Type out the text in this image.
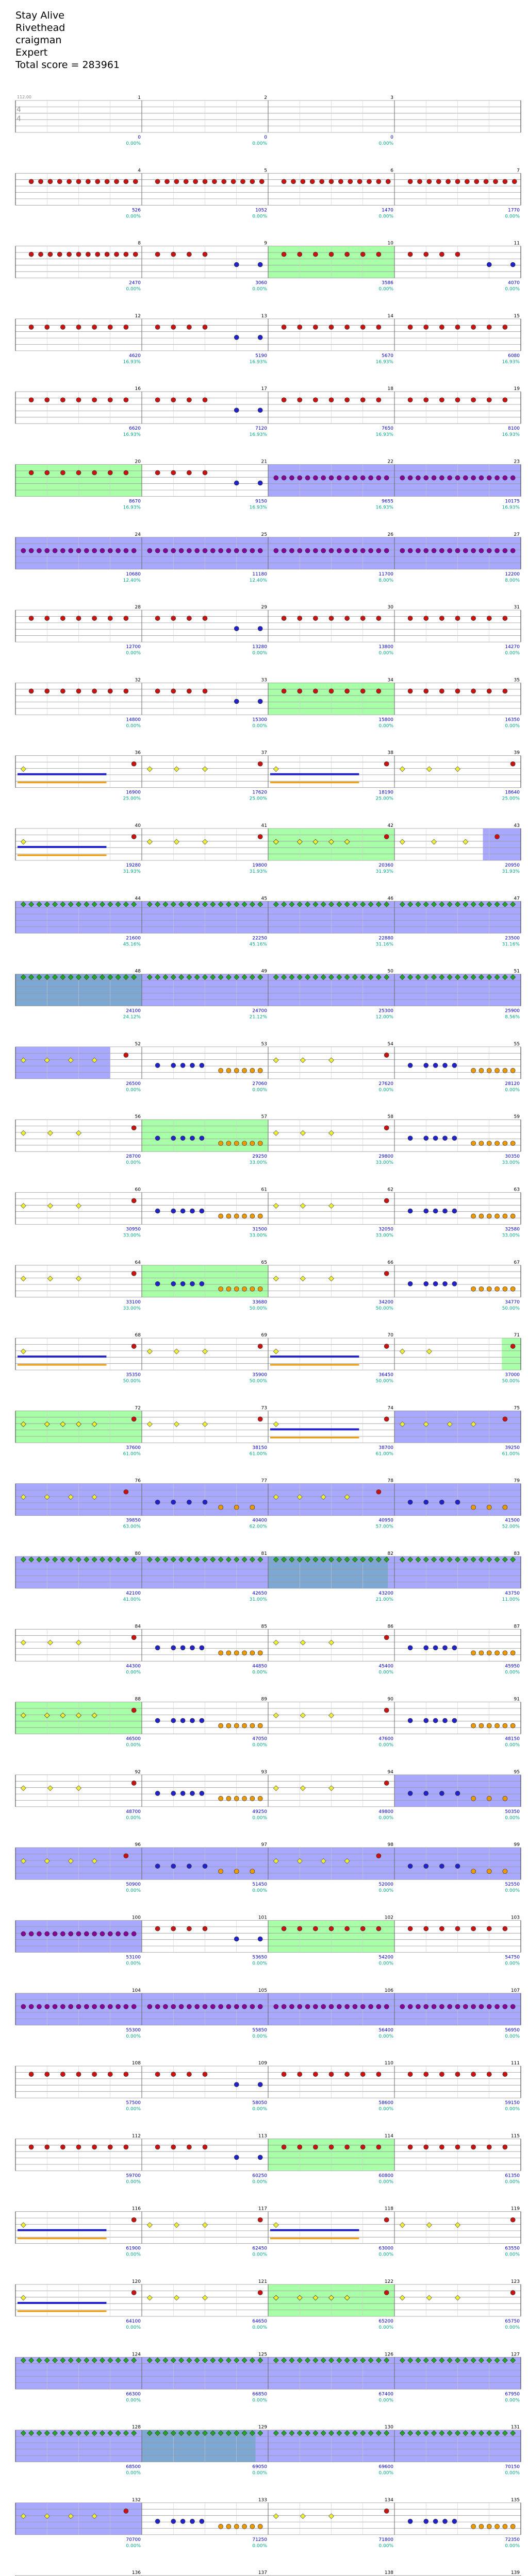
Stay Alive
Rivethead
craigman
Expert
Total score = 283961
112.00
4
4
1
0
0.00%
2
0
0.00%
3
0
0.00%
4
526
0.00%
5
1052
0.00%
6
1470
0.00%
7
1770
0.00%
8
2470
0.00%
9
3060
0.00%
10
3586
0.00%
11
4070
0.00%
12
4620
16.93%
13
5190
16.93%
14
5670
16.93%
15
6080
16.93%
16
6620
16.93%
17
7120
16.93%
18
7650
16.93%
19
8100
16.93%
20
8670
16.93%
21
9150
16.93%
22
9655
16.93%
23
10175
16.93%
24
10680
12.40%
25
11180
12.40%
26
11700
8.00%
27
12200
8.00%
28
12700
0.00%
29
13280
0.00%
30
13800
0.00%
31
14270
0.00%
32
14800
0.00%
33
15300
0.00%
34
15800
0.00%
35
16350
0.00%
36
16900
25.00%
37
17620
25.00%
38
18190
25.00%
39
18640
25.00%
40
19280
31.93%
41
19800
31.93%
42
20360
31.93%
43
20950
31.93%
44
21600
45.16%
45
22250
45.16%
46
22880
31.16%
47
23500
31.16%
48
24100
24.12%
49
24700
21.12%
50
25300
12.00%
51
25900
8.56%
52
26500
0.00%
53
27060
0.00%
54
27620
0.00%
55
28120
0.00%
56
28700
0.00%
57
29250
33.00%
58
29800
33.00%
59
30350
33.00%
60
30950
33.00%
61
31500
33.00%
62
32050
33.00%
63
32580
33.00%
64
33100
33.00%
65
33680
50.00%
66
34200
50.00%
67
34770
50.00%
68
35350
50.00%
69
35900
50.00%
70
36450
50.00%
71
37000
50.00%
72
37600
61.00%
73
38150
61.00%
74
38700
61.00%
75
39250
61.00%
76
39850
63.00%
77
40400
62.00%
78
40950
57.00%
79
41500
52.00%
80
42100
41.00%
81
42650
31.00%
82
43200
21.00%
83
43750
11.00%
84
44300
0.00%
85
44850
0.00%
86
45400
0.00%
87
45950
0.00%
88
46500
0.00%
89
47050
0.00%
90
47600
0.00%
91
48150
0.00%
92
48700
0.00%
93
49250
0.00%
94
49800
0.00%
95
50350
0.00%
96
50900
0.00%
97
51450
0.00%
98
52000
0.00%
99
52550
0.00%
100
53100
0.00%
101
53650
0.00%
102
54200
0.00%
103
54750
0.00%
104
55300
0.00%
105
55850
0.00%
106
56400
0.00%
107
56950
0.00%
108
57500
0.00%
109
58050
0.00%
110
58600
0.00%
111
59150
0.00%
112
59700
0.00%
113
60250
0.00%
114
60800
0.00%
115
61350
0.00%
116
61900
0.00%
117
62450
0.00%
118
63000
0.00%
119
63550
0.00%
120
64100
0.00%
121
64650
0.00%
122
65200
0.00%
123
65750
0.00%
124
66300
0.00%
125
66850
0.00%
126
67400
0.00%
127
67950
0.00%
128
68500
0.00%
129
69050
0.00%
130
69600
0.00%
131
70150
0.00%
132
70700
0.00%
133
71250
0.00%
134
71800
0.00%
135
72350
0.00%
136	137	138	139
